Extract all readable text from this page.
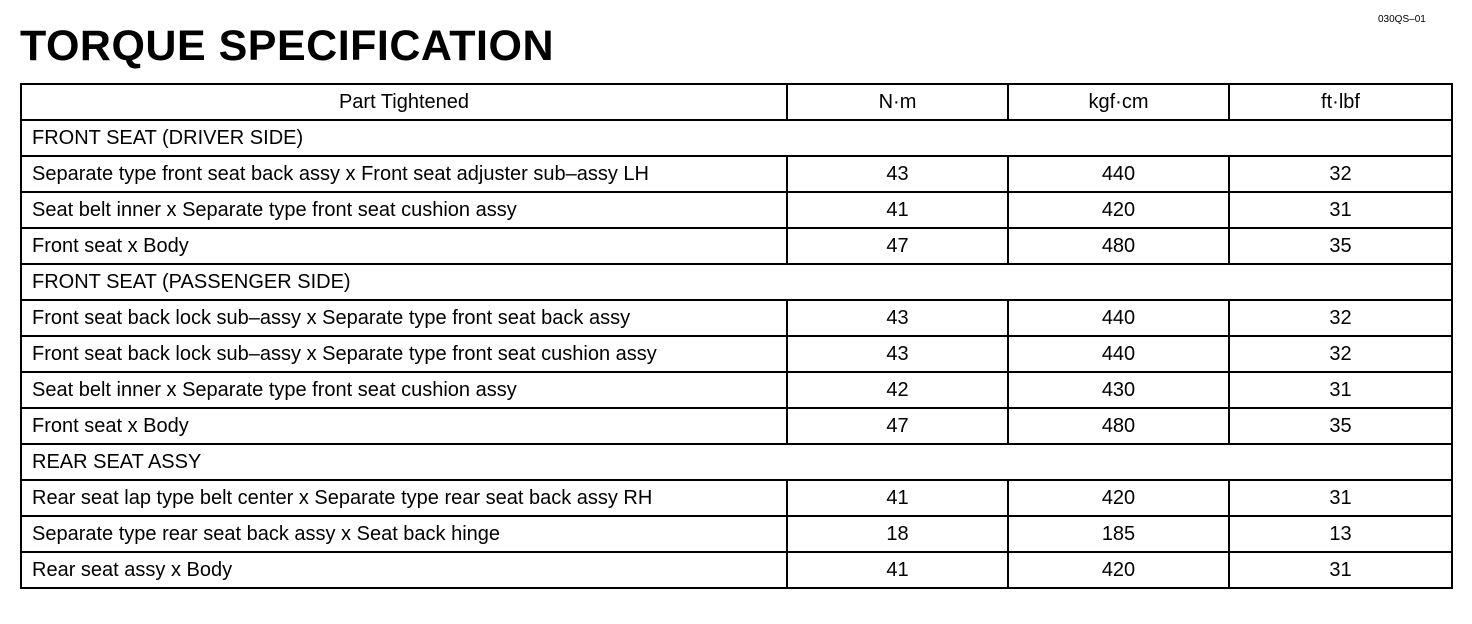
030QS–01
TORQUE SPECIFICATION
Part Tightened	N·m	kgf·cm	ft·lbf
FRONT SEAT (DRIVER SIDE)			
Separate type front seat back assy x Front seat adjuster sub–assy LH	43	440	32
Seat belt inner x Separate type front seat cushion assy	41	420	31
Front seat x Body	47	480	35
FRONT SEAT (PASSENGER SIDE)			
Front seat back lock sub–assy x Separate type front seat back assy	43	440	32
Front seat back lock sub–assy x Separate type front seat cushion assy	43	440	32
Seat belt inner x Separate type front seat cushion assy	42	430	31
Front seat x Body	47	480	35
REAR SEAT ASSY			
Rear seat lap type belt center x Separate type rear seat back assy RH	41	420	31
Separate type rear seat back assy x Seat back hinge	18	185	13
Rear seat assy x Body	41	420	31
